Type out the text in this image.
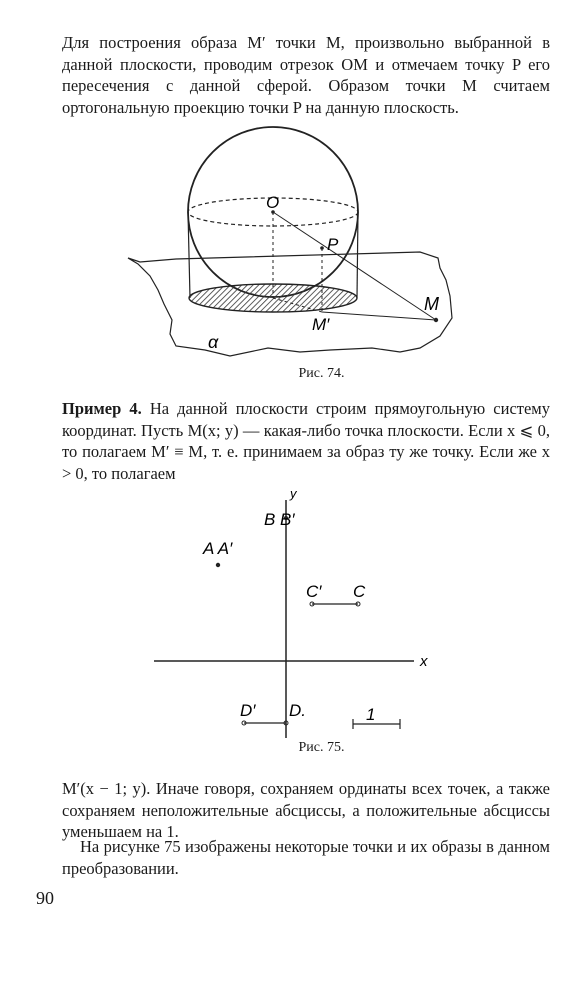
Для построения образа M′ точки M, произвольно выбранной в данной плоскости, проводим отрезок OM и отмечаем точку P его пересечения с данной сферой. Образом точки M считаем ортогональную проекцию точки P на данную плоскость.

O
P
M
M′
α
Рис. 74.

Пример 4. На данной плоскости строим прямоугольную систему координат. Пусть M(x; y) — какая-либо точка плоскости. Если x ⩽ 0, то полагаем M′ ≡ M, т. е. принимаем за образ ту же точку. Если же x > 0, то полагаем

y
x
B B′
A A′
C′ C
D′ D.	1
Рис. 75.

M′(x − 1; y). Иначе говоря, сохраняем ординаты всех точек, а также сохраняем неположительные абсциссы, а положительные абсциссы уменьшаем на 1.

На рисунке 75 изображены некоторые точки и их образы в данном преобразовании.

90
